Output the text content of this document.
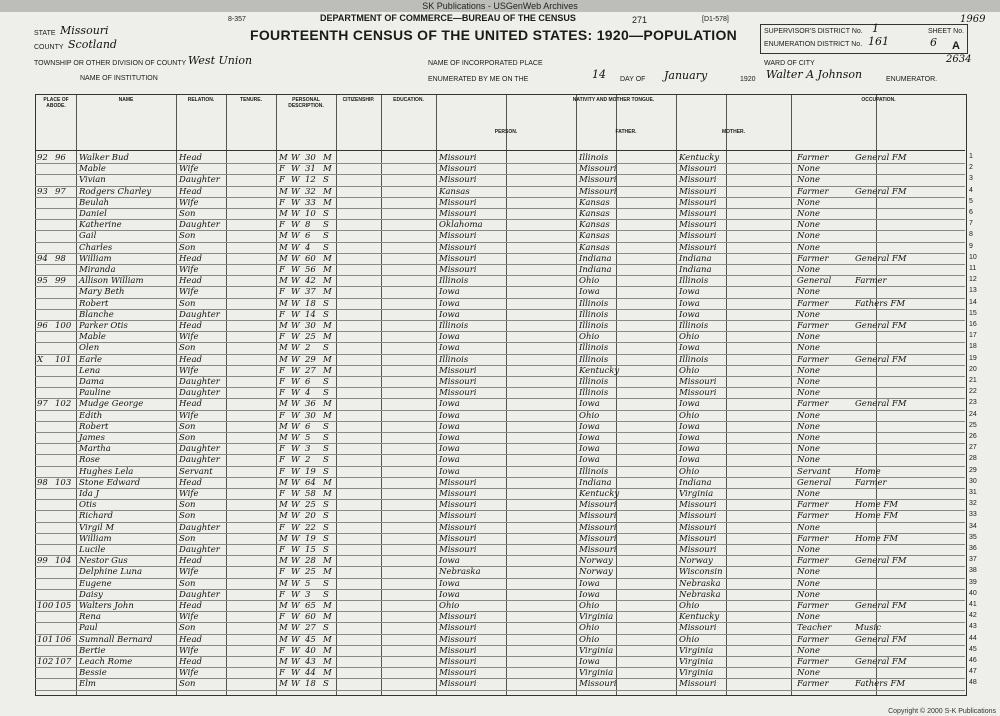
SK Publications - USGenWeb Archives
8-357	DEPARTMENT OF COMMERCE—BUREAU OF THE CENSUS	271	[D1-578]
FOURTEENTH CENSUS OF THE UNITED STATES: 1920—POPULATION
STATE Missouri
COUNTY Scotland
TOWNSHIP OR OTHER DIVISION OF COUNTY West Union
NAME OF INSTITUTION
NAME OF INCORPORATED PLACE
ENUMERATED BY ME ON THE	14 DAY OF January	1920 Walter A Johnson	ENUMERATOR.
WARD OF CITY
SUPERVISOR'S DISTRICT No. 1
ENUMERATION DISTRICT No. 161
SHEET No.
6 A
1969
2634
PLACE OF ABODE.
NAME	RELATION.	TENURE.	PERSONAL DESCRIPTION.
CITIZENSHIP.	EDUCATION.	NATIVITY AND MOTHER TONGUE.
PERSON.	FATHER.	MOTHER.
OCCUPATION.
92 96 Walker Bud	Head	M W 30 M	Missouri	Illinois	Kentucky	Farmer	General FM	1
Mable	Wife	F W 31 M	Missouri	Missouri	Missouri	None	2
Vivian	Daughter	F W 12 S	Missouri	Missouri	Missouri	None	3
93 97 Rodgers Charley	Head	M W 32 M	Kansas	Missouri	Missouri	Farmer	General FM	4
Beulah	Wife	F W 33 M	Missouri	Kansas	Missouri	None	5
Daniel	Son	M W 10 S	Missouri	Kansas	Missouri	None	6
Katherine	Daughter	F W 8 S	Oklahoma	Kansas	Missouri	None	7
Gail	Son	M W 6 S	Missouri	Kansas	Missouri	None	8
Charles	Son	M W 4 S	Missouri	Kansas	Missouri	None	9
94 98 William	Head	M W 60 M	Missouri	Indiana	Indiana	Farmer	General FM	10
Miranda	Wife	F W 56 M	Missouri	Indiana	Indiana	None	11
95 99 Allison William	Head	M W 42 M	Illinois	Ohio	Illinois	General	Farmer	12
Mary Beth	Wife	F W 37 M	Iowa	Iowa	Iowa	None	13
Robert	Son	M W 18 S	Iowa	Illinois	Iowa	Farmer	Fathers FM	14
Blanche	Daughter	F W 14 S	Iowa	Illinois	Iowa	None	15
96 100 Parker Otis	Head	M W 30 M	Illinois	Illinois	Illinois	Farmer	General FM	16
Mable	Wife	F W 25 M	Iowa	Ohio	Ohio	None	17
Olen	Son	M W 2 S	Iowa	Illinois	Iowa	None	18
X 101 Earle	Head	M W 29 M	Illinois	Illinois	Illinois	Farmer	General FM	19
Lena	Wife	F W 27 M	Missouri	Kentucky	Ohio	None	20
Dama	Daughter	F W 6 S	Missouri	Illinois	Missouri	None	21
Pauline	Daughter	F W 4 S	Missouri	Illinois	Missouri	None	22
97 102 Mudge George	Head	M W 36 M	Iowa	Iowa	Iowa	Farmer	General FM	23
Edith	Wife	F W 30 M	Iowa	Ohio	Ohio	None	24
Robert	Son	M W 6 S	Iowa	Iowa	Iowa	None	25
James	Son	M W 5 S	Iowa	Iowa	Iowa	None	26
Martha	Daughter	F W 3 S	Iowa	Iowa	Iowa	None	27
Rose	Daughter	F W 2 S	Iowa	Iowa	Iowa	None	28
Hughes Lela	Servant	F W 19 S	Iowa	Illinois	Ohio	Servant	Home	29
98 103 Stone Edward	Head	M W 64 M	Missouri	Indiana	Indiana	General	Farmer	30
Ida J	Wife	F W 58 M	Missouri	Kentucky	Virginia	None	31
Otis	Son	M W 25 S	Missouri	Missouri	Missouri	Farmer	Home FM	32
Richard	Son	M W 20 S	Missouri	Missouri	Missouri	Farmer	Home FM	33
Virgil M	Daughter	F W 22 S	Missouri	Missouri	Missouri	None	34
William	Son	M W 19 S	Missouri	Missouri	Missouri	Farmer	Home FM	35
Lucile	Daughter	F W 15 S	Missouri	Missouri	Missouri	None	36
99 104 Nestor Gus	Head	M W 28 M	Iowa	Norway	Norway	Farmer	General FM	37
Delphine Luna	Wife	F W 25 M	Nebraska	Norway	Wisconsin	None	38
Eugene	Son	M W 5 S	Iowa	Iowa	Nebraska	None	39
Daisy	Daughter	F W 3 S	Iowa	Iowa	Nebraska	None	40
100 105 Walters John	Head	M W 65 M	Ohio	Ohio	Ohio	Farmer	General FM	41
Rena	Wife	F W 60 M	Missouri	Virginia	Kentucky	None	42
Paul	Son	M W 27 S	Missouri	Ohio	Missouri	Teacher	Music	43
101 106 Sumnall Bernard	Head	M W 45 M	Missouri	Ohio	Ohio	Farmer	General FM	44
Bertie	Wife	F W 40 M	Missouri	Virginia	Virginia	None	45
102 107 Leach Rome	Head	M W 43 M	Missouri	Iowa	Virginia	Farmer	General FM	46
Bessie	Wife	F W 44 M	Missouri	Virginia	Virginia	None	47
Elm	Son	M W 18 S	Missouri	Missouri	Missouri	Farmer	Fathers FM	48
Copyright © 2000 S-K Publications
